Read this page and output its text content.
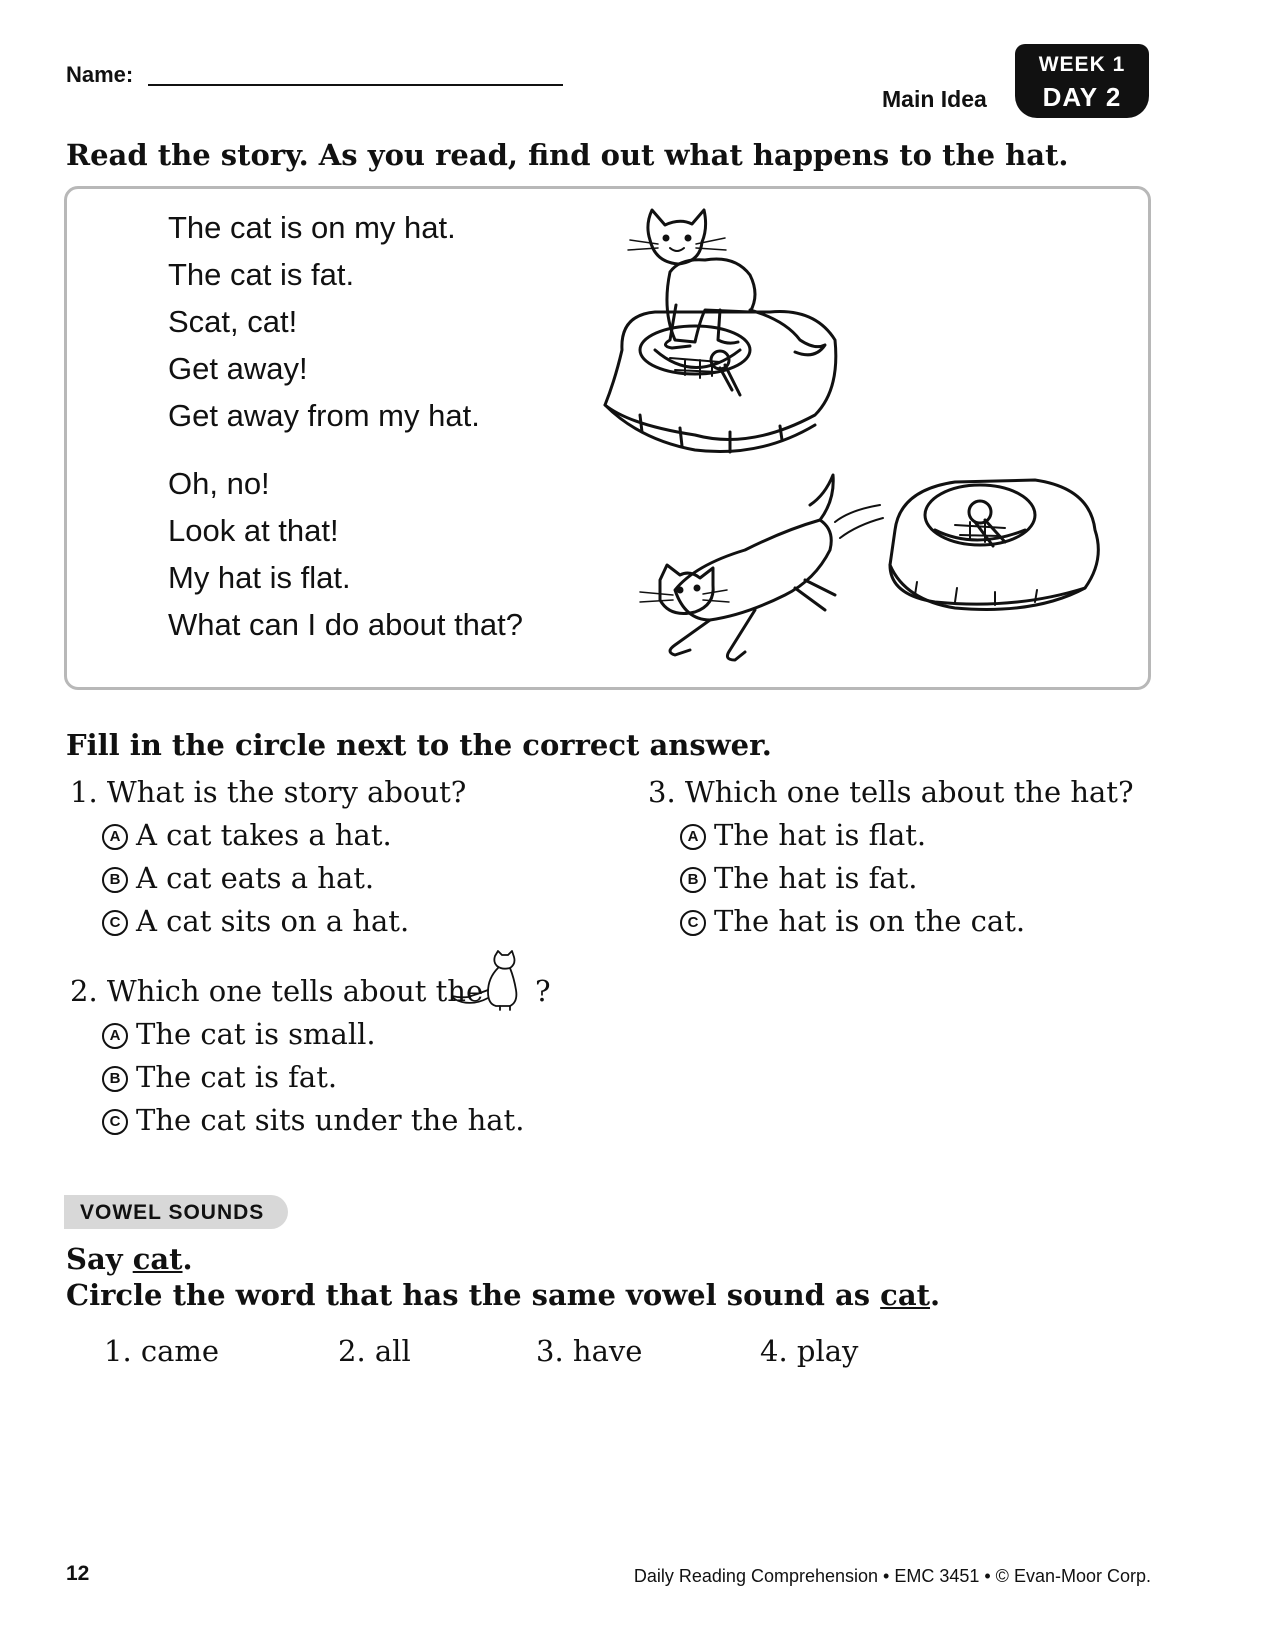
Name:
Main Idea
WEEK 1
DAY 2
Read the story. As you read, find out what happens to the hat.
The cat is on my hat.
The cat is fat.
Scat, cat!
Get away!
Get away from my hat.
Oh, no!
Look at that!
My hat is flat.
What can I do about that?
Fill in the circle next to the correct answer.
1. What is the story about?
A A cat takes a hat.
B A cat eats a hat.
C A cat sits on a hat.
3. Which one tells about the hat?
A The hat is flat.
B The hat is fat.
C The hat is on the cat.
2. Which one tells about the ?
A The cat is small.
B The cat is fat.
C The cat sits under the hat.
VOWEL SOUNDS
Say cat.
Circle the word that has the same vowel sound as cat.
1. came	2. all	3. have	4. play
12	Daily Reading Comprehension • EMC 3451 • © Evan-Moor Corp.
